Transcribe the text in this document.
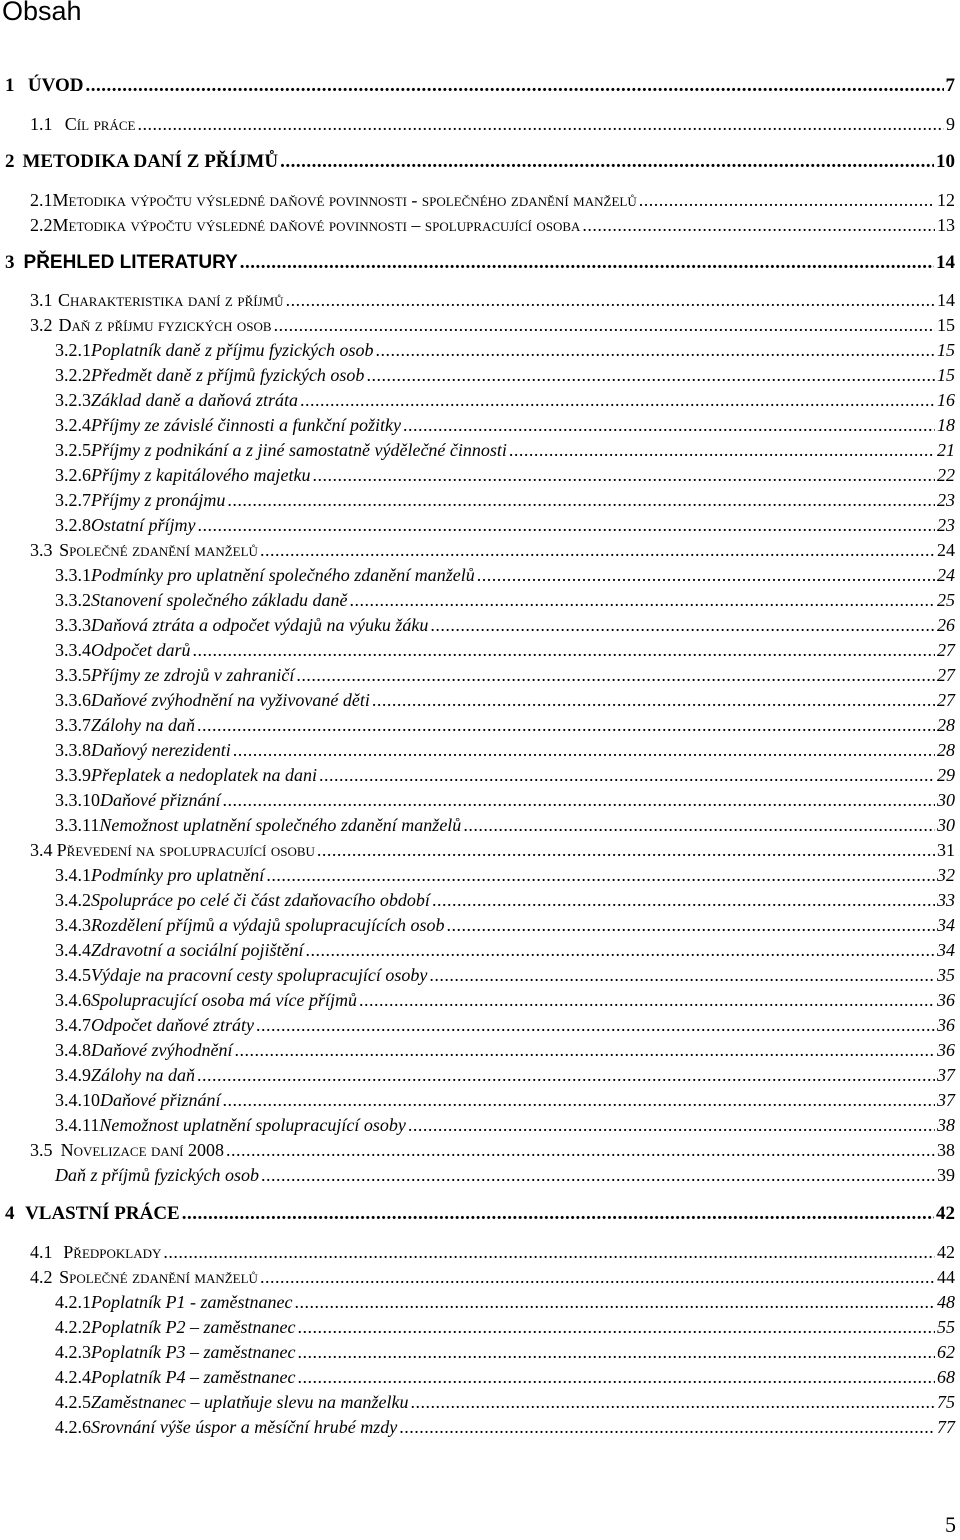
Obsah
1 ÚVOD .....	7
1.1 Cíl práce .....	9
2 METODIKA DANÍ Z PŘÍJMŮ .....	10
2.1 Metodika výpočtu výsledné daňové povinnosti - společného zdanění manželů .....	12
2.2 Metodika výpočtu výsledné daňové povinnosti – spolupracující osoba .....	13
3 PŘEHLED LITERATURY .....	14
3.1 Charakteristika daní z příjmů .....	14
3.2 Daň z příjmu fyzických osob .....	15
3.2.1 Poplatník daně z příjmu fyzických osob .....	15
3.2.2 Předmět daně z příjmů fyzických osob .....	15
3.2.3 Základ daně a daňová ztráta .....	16
3.2.4 Příjmy ze závislé činnosti a funkční požitky .....	18
3.2.5 Příjmy z podnikání a z jiné samostatně výdělečné činnosti .....	21
3.2.6 Příjmy z kapitálového majetku .....	22
3.2.7 Příjmy z pronájmu .....	23
3.2.8 Ostatní příjmy .....	23
3.3 Společné zdanění manželů .....	24
3.3.1 Podmínky pro uplatnění společného zdanění manželů .....	24
3.3.2 Stanovení společného základu daně .....	25
3.3.3 Daňová ztráta a odpočet výdajů na výuku žáku .....	26
3.3.4 Odpočet darů .....	27
3.3.5 Příjmy ze zdrojů v zahraničí .....	27
3.3.6 Daňové zvýhodnění na vyživované děti .....	27
3.3.7 Zálohy na daň .....	28
3.3.8 Daňový nerezidenti .....	28
3.3.9 Přeplatek a nedoplatek na dani .....	29
3.3.10 Daňové přiznání .....	30
3.3.11 Nemožnost uplatnění společného zdanění manželů .....	30
3.4 Převedení na spolupracující osobu .....	31
3.4.1 Podmínky pro uplatnění .....	32
3.4.2 Spolupráce po celé či část zdaňovacího období .....	33
3.4.3 Rozdělení příjmů a výdajů spolupracujících osob .....	34
3.4.4 Zdravotní a sociální pojištění .....	34
3.4.5 Výdaje na pracovní cesty spolupracující osoby .....	35
3.4.6 Spolupracující osoba má více příjmů .....	36
3.4.7 Odpočet daňové ztráty .....	36
3.4.8 Daňové zvýhodnění .....	36
3.4.9 Zálohy na daň .....	37
3.4.10 Daňové přiznání .....	37
3.4.11 Nemožnost uplatnění spolupracující osoby .....	38
3.5 Novelizace daní 2008 .....	38
Daň z příjmů fyzických osob .....	39
4 VLASTNÍ PRÁCE .....	42
4.1 Předpoklady .....	42
4.2 Společné zdanění manželů .....	44
4.2.1 Poplatník P1 - zaměstnanec .....	48
4.2.2 Poplatník P2 – zaměstnanec .....	55
4.2.3 Poplatník P3 – zaměstnanec .....	62
4.2.4 Poplatník P4 – zaměstnanec .....	68
4.2.5 Zaměstnanec – uplatňuje slevu na manželku .....	75
4.2.6 Srovnání výše úspor a měsíční hrubé mzdy .....	77
5
